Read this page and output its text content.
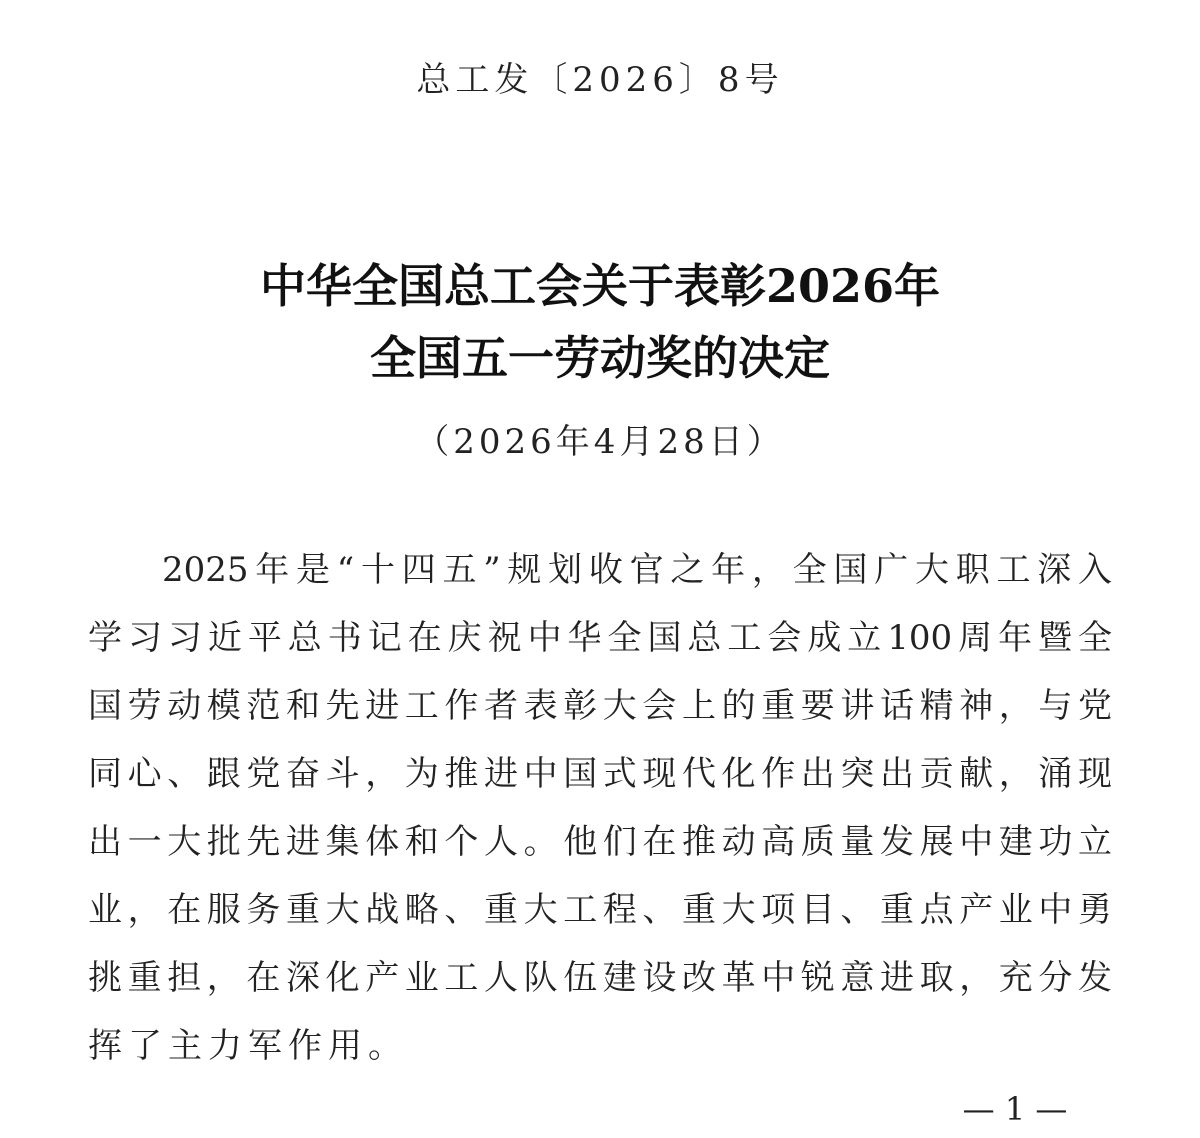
总工发〔2026〕8号
中华全国总工会关于表彰2026年
全国五一劳动奖的决定
（2026年4月28日）
2025年是“十四五”规划收官之年，全国广大职工深入
学习习近平总书记在庆祝中华全国总工会成立100周年暨全
国劳动模范和先进工作者表彰大会上的重要讲话精神，与党
同心、跟党奋斗，为推进中国式现代化作出突出贡献，涌现
出一大批先进集体和个人。他们在推动高质量发展中建功立
业，在服务重大战略、重大工程、重大项目、重点产业中勇
挑重担，在深化产业工人队伍建设改革中锐意进取，充分发
挥了主力军作用。
— 1 —
